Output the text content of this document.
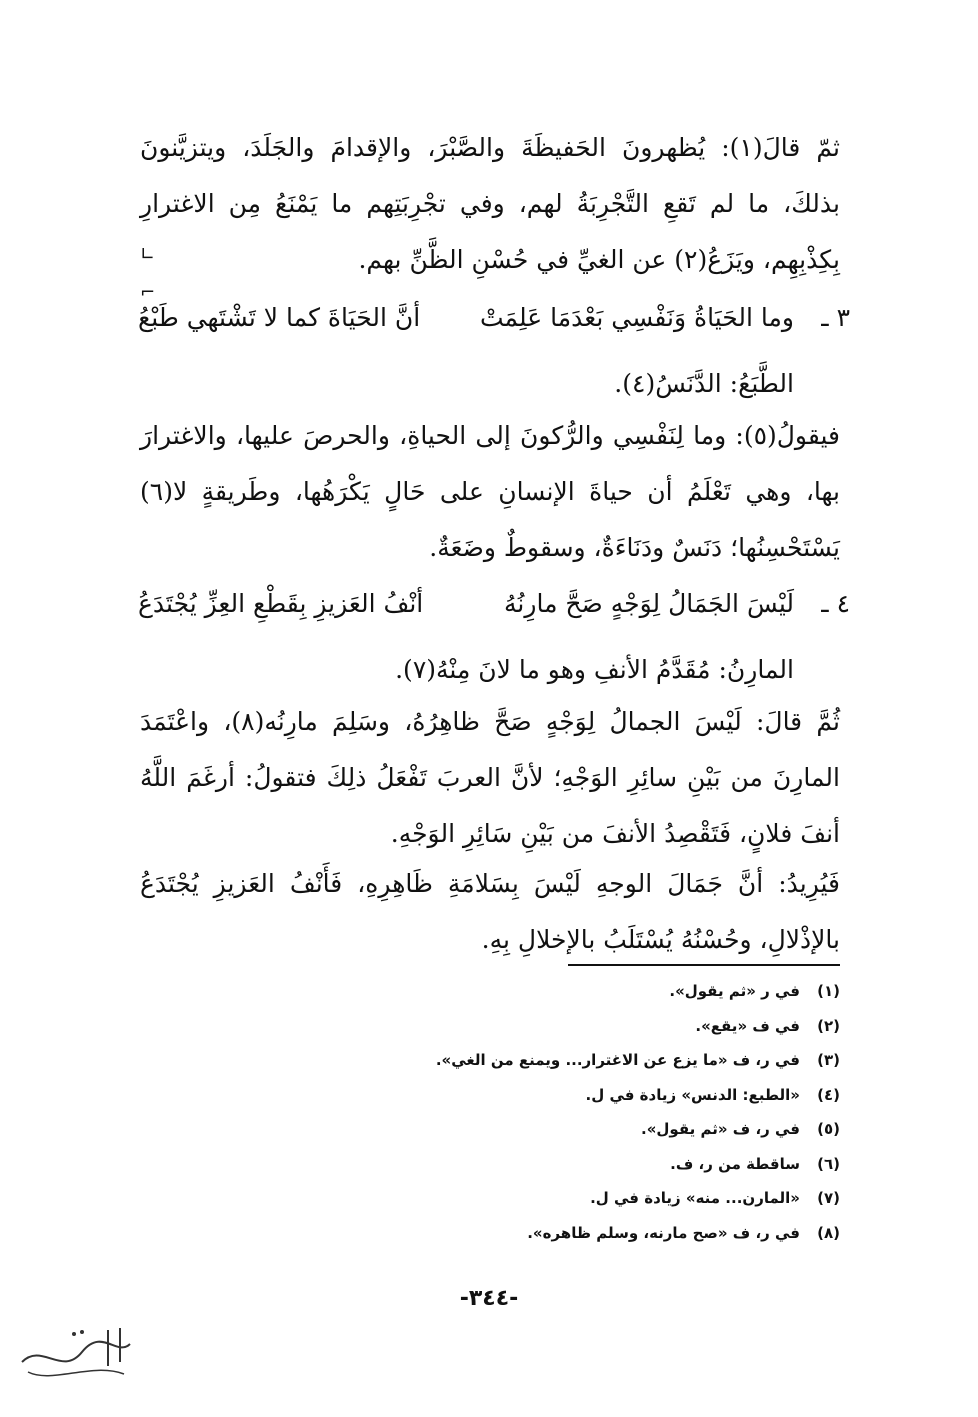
ثمّ قالَ(١): يُظهرونَ الحَفيظَةَ والصَّبْرَ، والإقدامَ والجَلَدَ، ويتزيَّنونَ بذلكَ، ما لم تَقعِ التَّجْرِبَةُ لهم، وفي تجْرِبَتِهم ما يَمْنَعُ مِن الاغترارِ بِكِذْبِهِم، ويَزَعُ(٢) عن الغيِّ في حُسْنِ الظَّنِّ بهم.

∟
⌐
٣ ـ
وما الحَيَاةُ وَنَفْسِي بَعْدَمَا عَلِمَتْ
أنَّ الحَيَاةَ كما لا تَشْتَهي طَبْعُ
الطَّبَعُ: الدَّنَسُ(٤).

فيقولُ(٥): وما لِنَفْسِي والرُّكونَ إلى الحياةِ، والحرصَ عليها، والاغترارَ بها، وهي تَعْلَمُ أن حياةَ الإنسانِ على حَالٍ يَكْرَهُها، وطَريقةٍ لا(٦) يَسْتَحْسِنُها؛ دَنَسٌ ودَنَاءَةٌ، وسقوطٌ وضَعَةٌ.

٤ ـ
لَيْسَ الجَمَالُ لِوَجْهٍ صَحَّ مارِنُهُ
أنْفُ العَزيزِ بِقَطْعِ العِزِّ يُجْتَدَعُ
المارِنُ: مُقَدَّمُ الأنفِ وهو ما لانَ مِنْهُ(٧).

ثُمَّ قالَ: لَيْسَ الجمالُ لِوَجْهٍ صَحَّ ظاهِرُهُ، وسَلِمَ مارِنُه(٨)، واعْتَمَدَ المارِنَ من بَيْنِ سائِرِ الوَجْهِ؛ لأنَّ العربَ تَفْعَلُ ذلِكَ فتقولُ: أرغَمَ اللَّهُ أنفَ فلانٍ، فَتَقْصِدُ الأنفَ من بَيْنِ سَائِرِ الوَجْهِ.

فَيُرِيدُ: أنَّ جَمَالَ الوجهِ لَيْسَ بِسَلامَةِ ظَاهِرِهِ، فَأَنْفُ العَزيزِ يُجْتَدَعُ بالإذْلالِ، وحُسْنُهُ يُسْتَلَبُ بالإخلالِ بِهِ.

(١)
في ر «ثم يقول».
(٢)
في ف «يقع».
(٣)
في ر، ف «ما يزع عن الاغترار... ويمنع من الغي».
(٤)
«الطبع: الدنس» زيادة في ل.
(٥)
في ر، ف «ثم يقول».
(٦)
ساقطة من ر، ف.
(٧)
«المارن... منه» زيادة في ل.
(٨)
في ر، ف «صح مارنه، وسلم ظاهره».
-٣٤٤-
